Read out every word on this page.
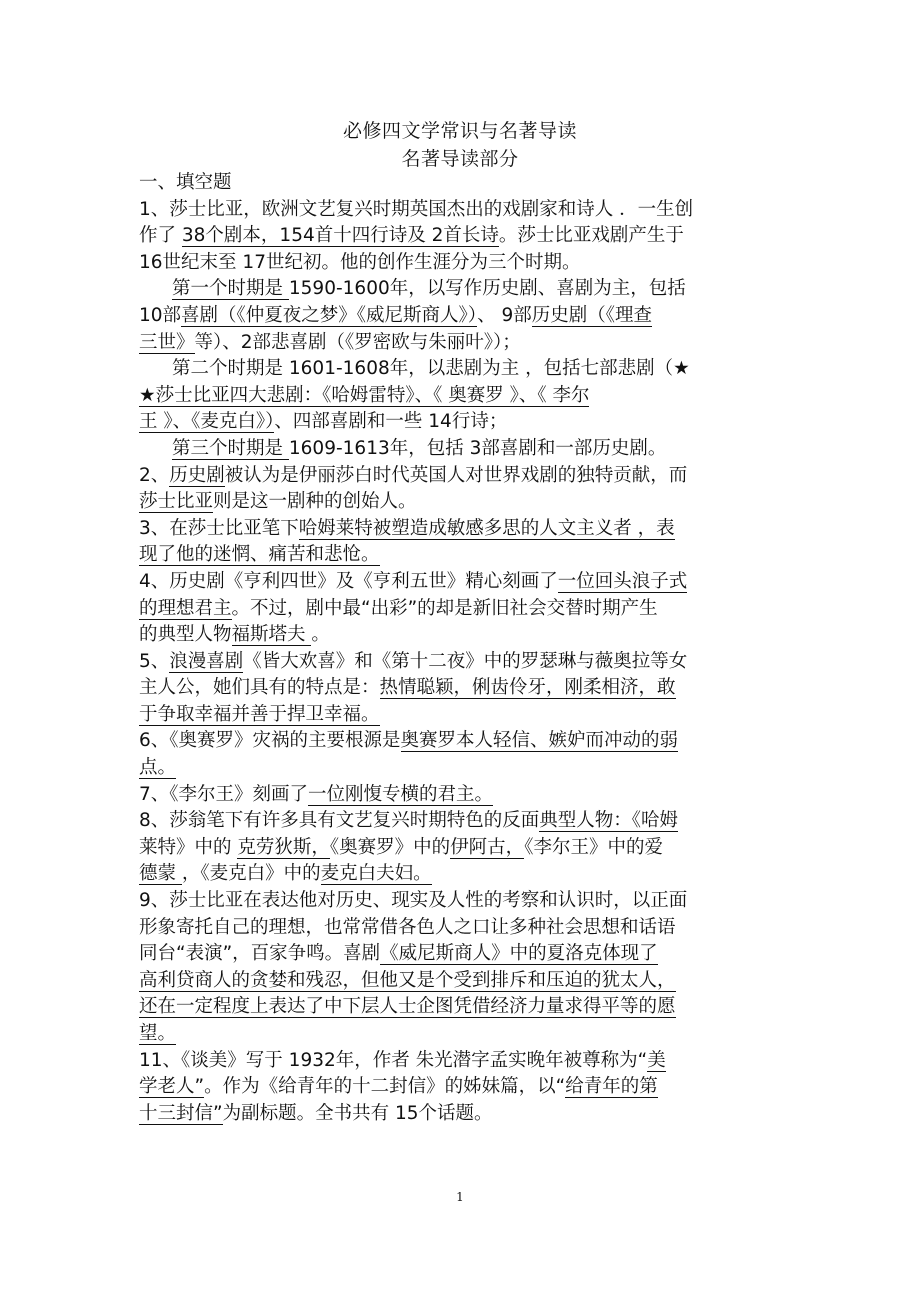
必修四文学常识与名著导读
名著导读部分
一、填空题
1、莎士比亚，欧洲文艺复兴时期英国杰出的戏剧家和诗人 ．一生创
作了 38个剧本，154首十四行诗及 2首长诗。莎士比亚戏剧产生于
16世纪末至 17世纪初。他的创作生涯分为三个时期。
第一个时期是 1590-1600年，以写作历史剧、喜剧为主，包括
10部喜剧（《仲夏夜之梦》《威尼斯商人》）、 9部历史剧（《理查
三世》等）、2部悲喜剧（《罗密欧与朱丽叶》）；
第二个时期是 1601-1608年，以悲剧为主 ，包括七部悲剧（★
★莎士比亚四大悲剧：《哈姆雷特》、《 奥赛罗 》、《 李尔
王 》、《麦克白》）、四部喜剧和一些 14行诗；
第三个时期是 1609-1613年，包括 3部喜剧和一部历史剧。
2、历史剧被认为是伊丽莎白时代英国人对世界戏剧的独特贡献，而
莎士比亚则是这一剧种的创始人。
3、在莎士比亚笔下哈姆莱特被塑造成敏感多思的人文主义者 ，表
现了他的迷惘、痛苦和悲怆。
4、历史剧《亨利四世》及《亨利五世》精心刻画了一位回头浪子式
的理想君主。不过，剧中最“出彩”的却是新旧社会交替时期产生
的典型人物福斯塔夫 。
5、浪漫喜剧《皆大欢喜》和《第十二夜》中的罗瑟琳与薇奥拉等女
主人公，她们具有的特点是：热情聪颖，俐齿伶牙，刚柔相济，敢
于争取幸福并善于捍卫幸福。
6、《奥赛罗》灾祸的主要根源是奥赛罗本人轻信、嫉妒而冲动的弱
点。
7、《李尔王》刻画了一位刚愎专横的君主。
8、莎翁笔下有许多具有文艺复兴时期特色的反面典型人物：《哈姆
莱特》中的 克劳狄斯，《奥赛罗》中的伊阿古，《李尔王》中的爱
德蒙 ，《麦克白》中的麦克白夫妇。
9、莎士比亚在表达他对历史、现实及人性的考察和认识时，以正面
形象寄托自己的理想，也常常借各色人之口让多种社会思想和话语
同台“表演”，百家争鸣。喜剧《威尼斯商人》中的夏洛克体现了
高利贷商人的贪婪和残忍，但他又是个受到排斥和压迫的犹太人，
还在一定程度上表达了中下层人士企图凭借经济力量求得平等的愿
望。
11、《谈美》写于 1932年，作者 朱光潜字孟实晚年被尊称为“美
学老人”。作为《给青年的十二封信》的姊妹篇，以“给青年的第
十三封信”为副标题。全书共有 15个话题。
1
